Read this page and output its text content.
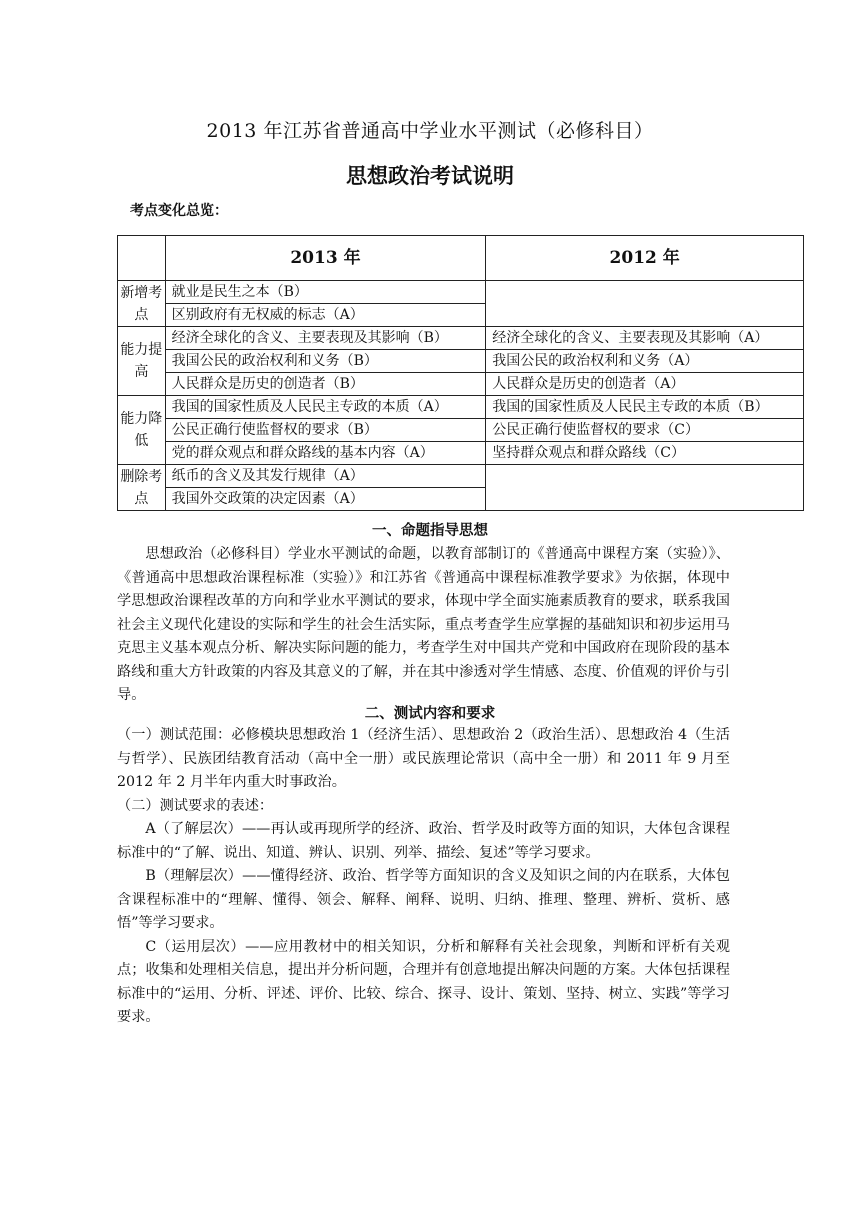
2013 年江苏省普通高中学业水平测试（必修科目）
思想政治考试说明
考点变化总览：
	2013 年	2012 年
新增考点	就业是民生之本（B）	
	区别政府有无权威的标志（A）	
能力提高	经济全球化的含义、主要表现及其影响（B）	经济全球化的含义、主要表现及其影响（A）
	我国公民的政治权利和义务（B）	我国公民的政治权利和义务（A）
	人民群众是历史的创造者（B）	人民群众是历史的创造者（A）
能力降低	我国的国家性质及人民民主专政的本质（A）	我国的国家性质及人民民主专政的本质（B）
	公民正确行使监督权的要求（B）	公民正确行使监督权的要求（C）
	党的群众观点和群众路线的基本内容（A）	坚持群众观点和群众路线（C）
删除考点	纸币的含义及其发行规律（A）	
	我国外交政策的决定因素（A）	
一、命题指导思想

思想政治（必修科目）学业水平测试的命题，以教育部制订的《普通高中课程方案（实验）》、《普通高中思想政治课程标准（实验）》和江苏省《普通高中课程标准教学要求》为依据，体现中学思想政治课程改革的方向和学业水平测试的要求，体现中学全面实施素质教育的要求，联系我国社会主义现代化建设的实际和学生的社会生活实际，重点考查学生应掌握的基础知识和初步运用马克思主义基本观点分析、解决实际问题的能力，考查学生对中国共产党和中国政府在现阶段的基本路线和重大方针政策的内容及其意义的了解，并在其中渗透对学生情感、态度、价值观的评价与引导。

二、测试内容和要求

（一）测试范围：必修模块思想政治 1（经济生活）、思想政治 2（政治生活）、思想政治 4（生活与哲学）、民族团结教育活动（高中全一册）或民族理论常识（高中全一册）和 2011 年 9 月至 2012 年 2 月半年内重大时事政治。

（二）测试要求的表述：

A（了解层次）——再认或再现所学的经济、政治、哲学及时政等方面的知识，大体包含课程标准中的“了解、说出、知道、辨认、识别、列举、描绘、复述”等学习要求。

B（理解层次）——懂得经济、政治、哲学等方面知识的含义及知识之间的内在联系，大体包含课程标准中的“理解、懂得、领会、解释、阐释、说明、归纳、推理、整理、辨析、赏析、感悟”等学习要求。

C（运用层次）——应用教材中的相关知识，分析和解释有关社会现象，判断和评析有关观点；收集和处理相关信息，提出并分析问题，合理并有创意地提出解决问题的方案。大体包括课程标准中的“运用、分析、评述、评价、比较、综合、探寻、设计、策划、坚持、树立、实践”等学习要求。
